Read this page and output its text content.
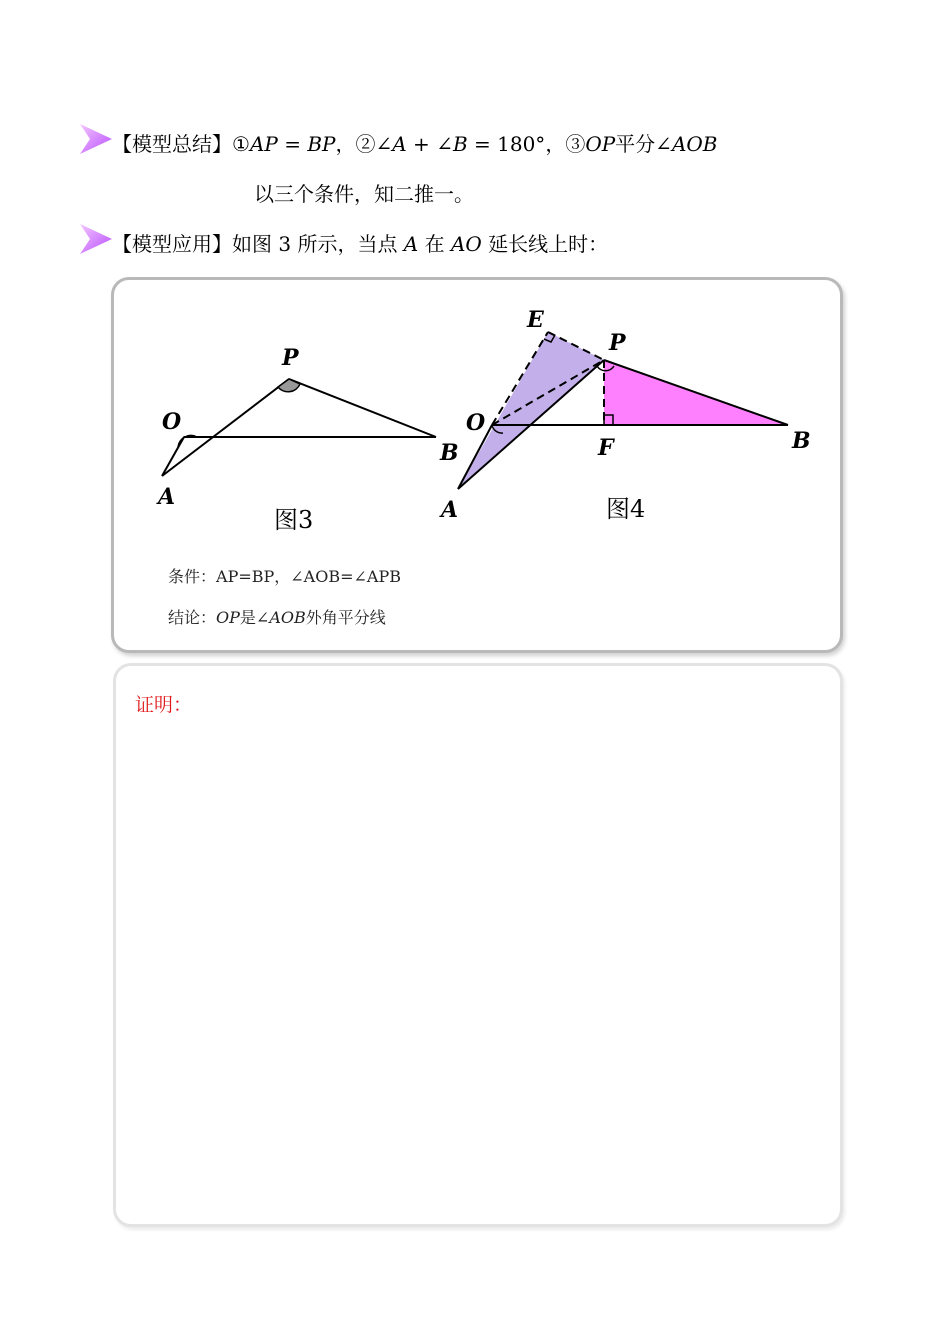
【模型总结】①AP = BP，②∠A + ∠B = 180°，③OP平分∠AOB
以三个条件，知二推一。
【模型应用】如图 3 所示，当点 A 在 AO 延长线上时：
P
O
A
B
图3
E
P
O
F
A
B
图4
条件：AP=BP，∠AOB=∠APB
结论：OP是∠AOB外角平分线
证明：
